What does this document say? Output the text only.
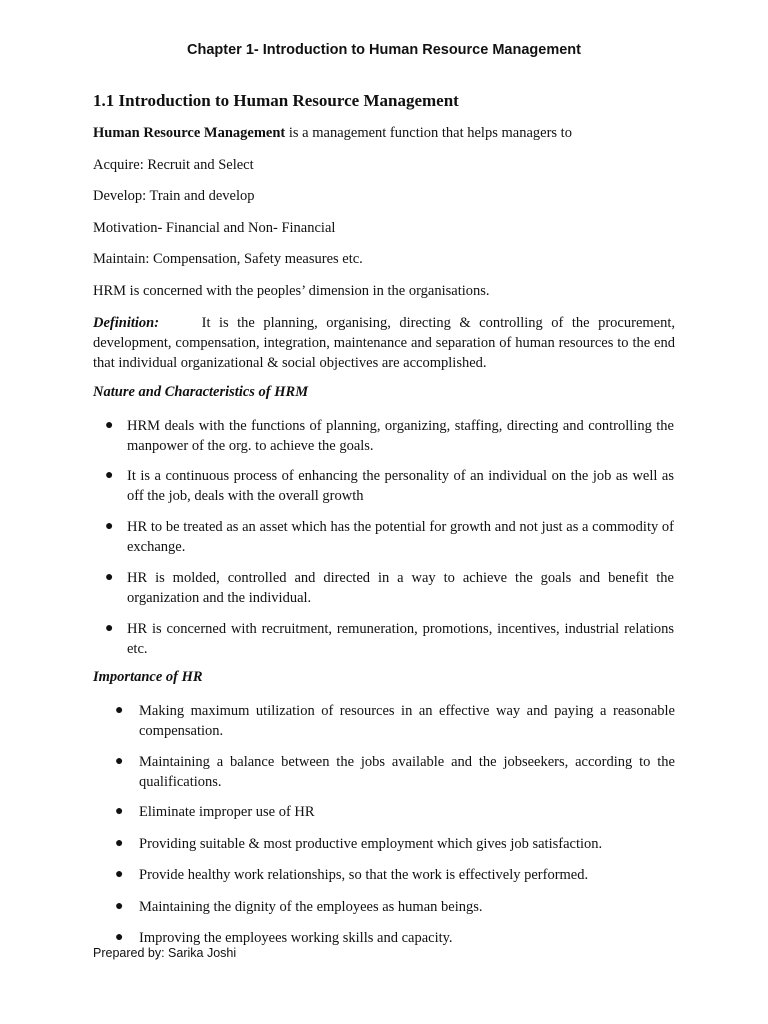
Chapter 1- Introduction to Human Resource Management
1.1 Introduction to Human Resource Management
Human Resource Management is a management function that helps managers to
Acquire: Recruit and Select
Develop: Train and develop
Motivation- Financial and Non- Financial
Maintain: Compensation, Safety measures etc.
HRM is concerned with the peoples’ dimension in the organisations.
Definition:	It is the planning, organising, directing & controlling of the procurement, development, compensation, integration, maintenance and separation of human resources to the end that individual organizational & social objectives are accomplished.
Nature and Characteristics of HRM
● HRM deals with the functions of planning, organizing, staffing, directing and controlling the manpower of the org. to achieve the goals.
● It is a continuous process of enhancing the personality of an individual on the job as well as off the job, deals with the overall growth
● HR to be treated as an asset which has the potential for growth and not just as a commodity of exchange.
● HR is molded, controlled and directed in a way to achieve the goals and benefit the organization and the individual.
● HR is concerned with recruitment, remuneration, promotions, incentives, industrial relations etc.
Importance of HR
● Making maximum utilization of resources in an effective way and paying a reasonable compensation.
● Maintaining a balance between the jobs available and the jobseekers, according to the qualifications.
● Eliminate improper use of HR
● Providing suitable & most productive employment which gives job satisfaction.
● Provide healthy work relationships, so that the work is effectively performed.
● Maintaining the dignity of the employees as human beings.
● Improving the employees working skills and capacity.
Prepared by: Sarika Joshi
